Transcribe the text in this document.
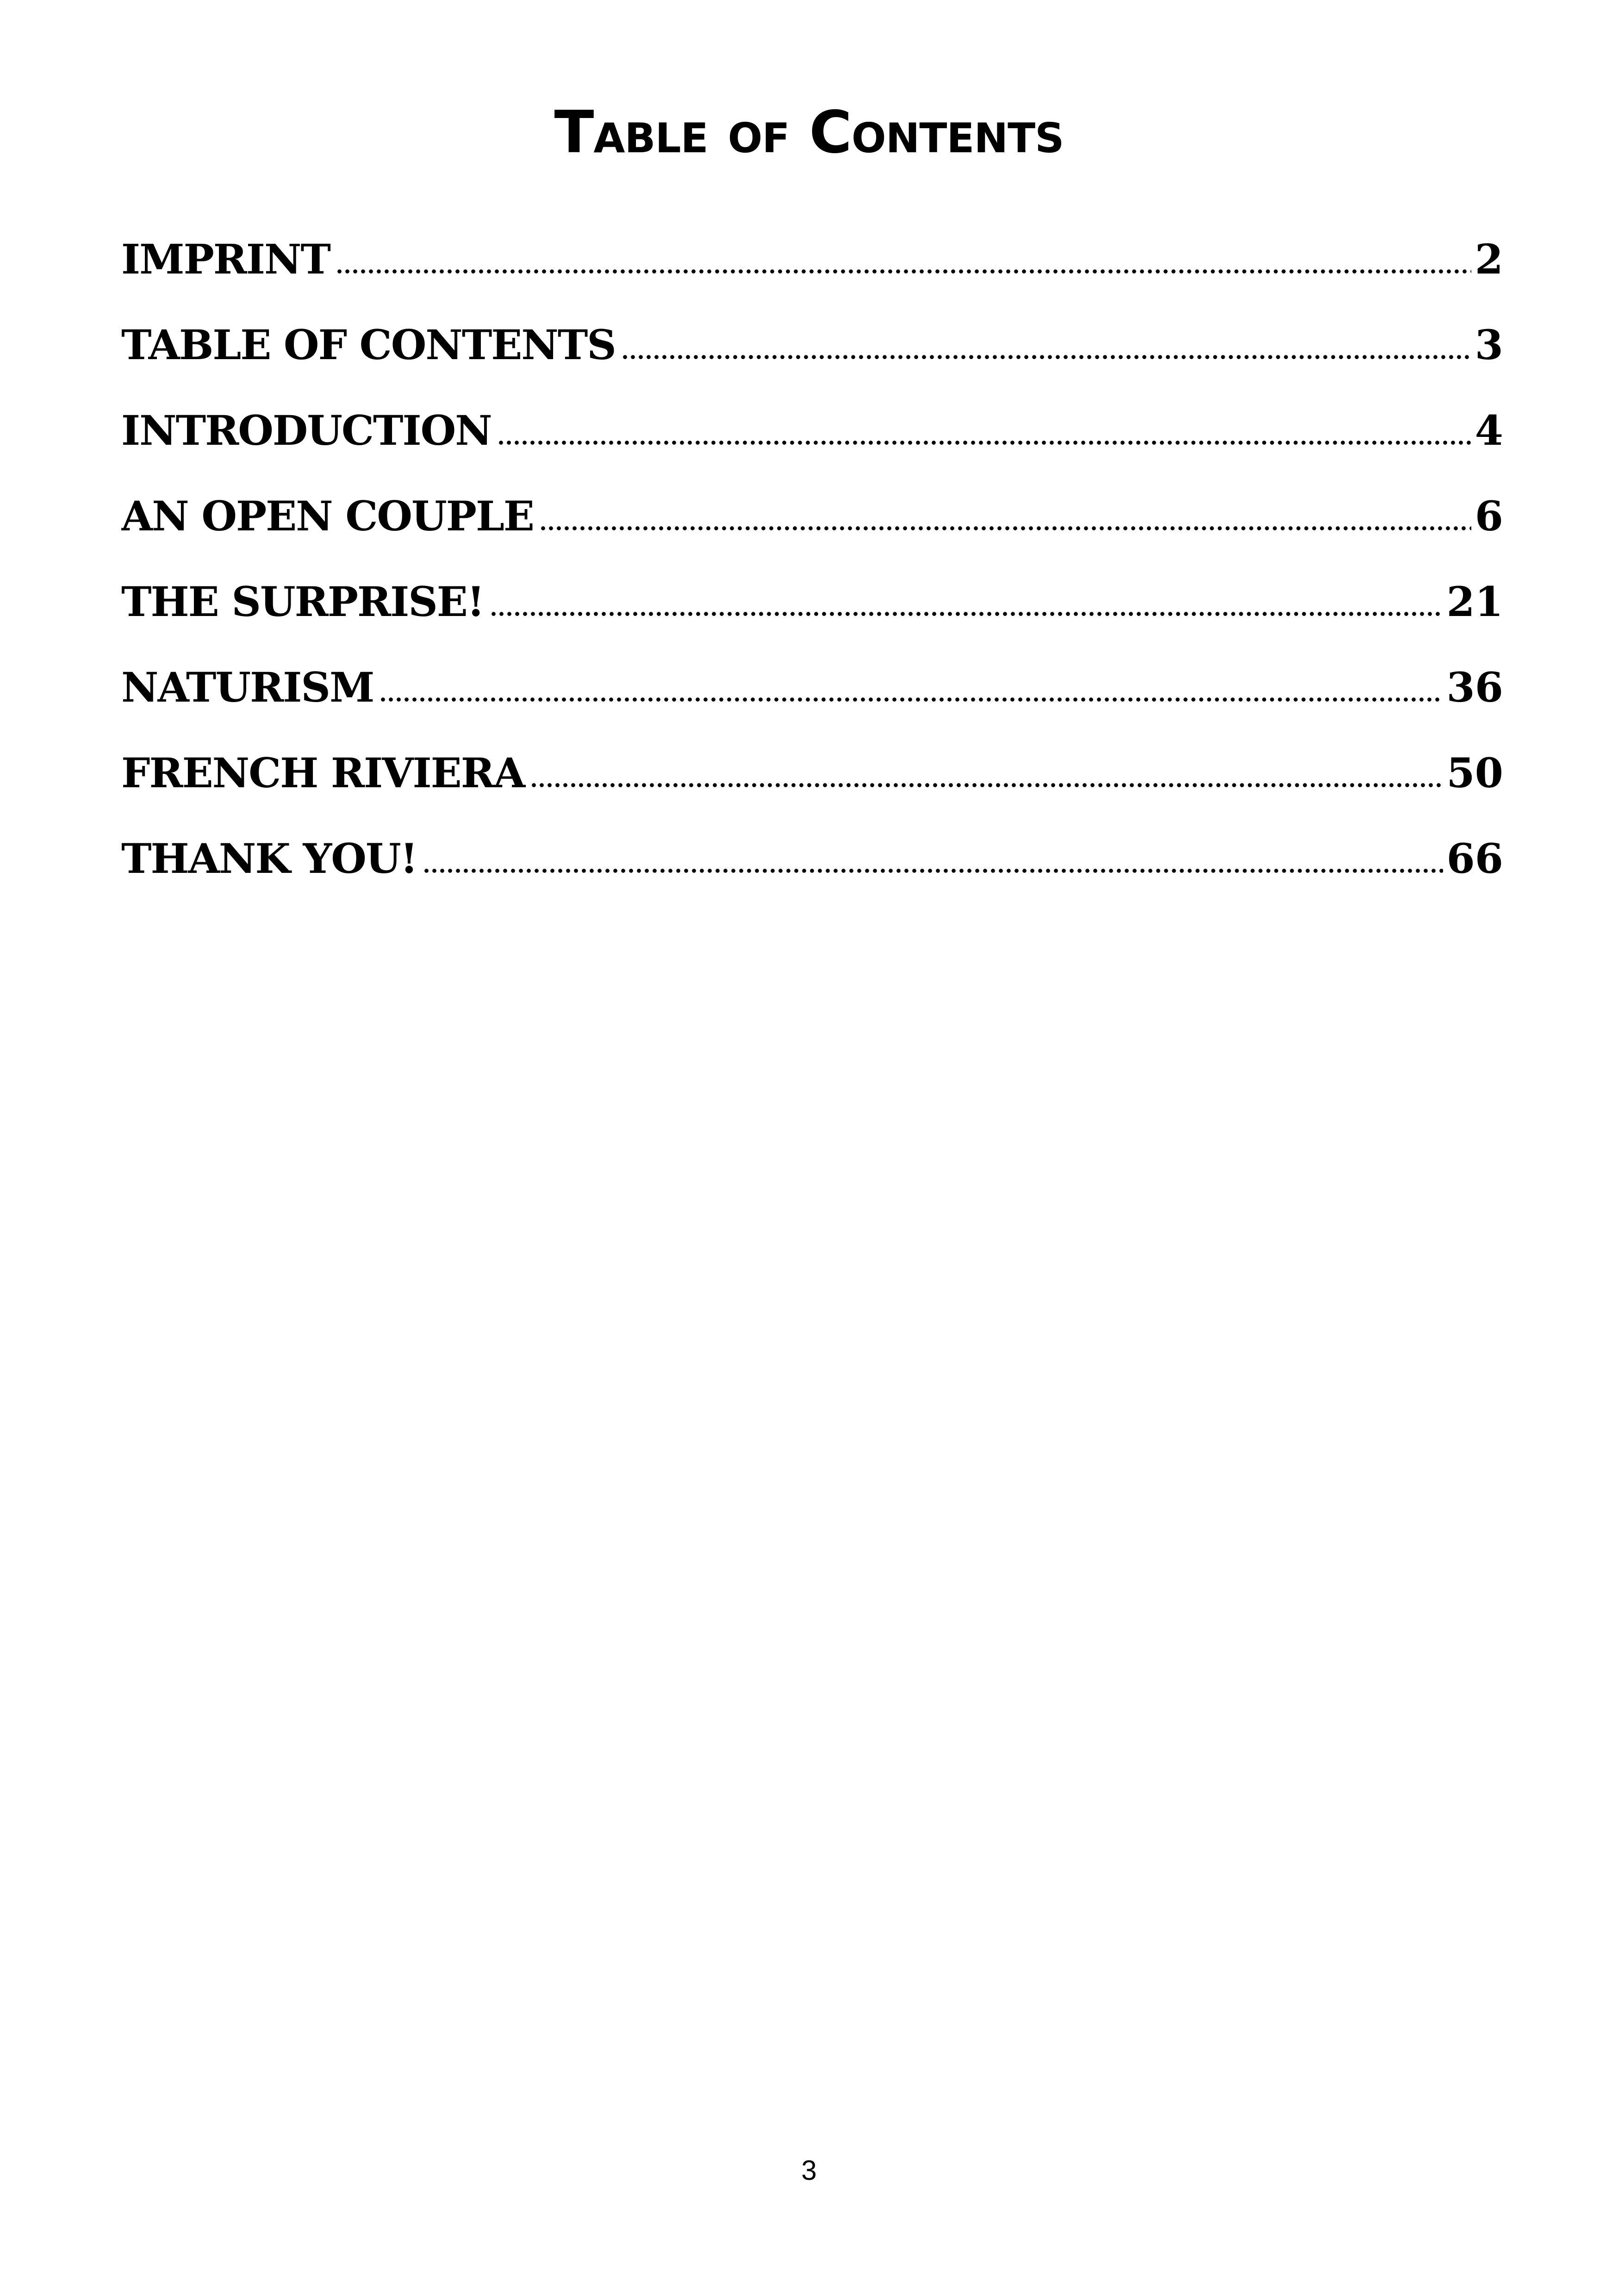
Table of Contents
IMPRINT	2
TABLE OF CONTENTS	3
INTRODUCTION	4
AN OPEN COUPLE	6
THE SURPRISE!	21
NATURISM	36
FRENCH RIVIERA	50
THANK YOU!	66
3
